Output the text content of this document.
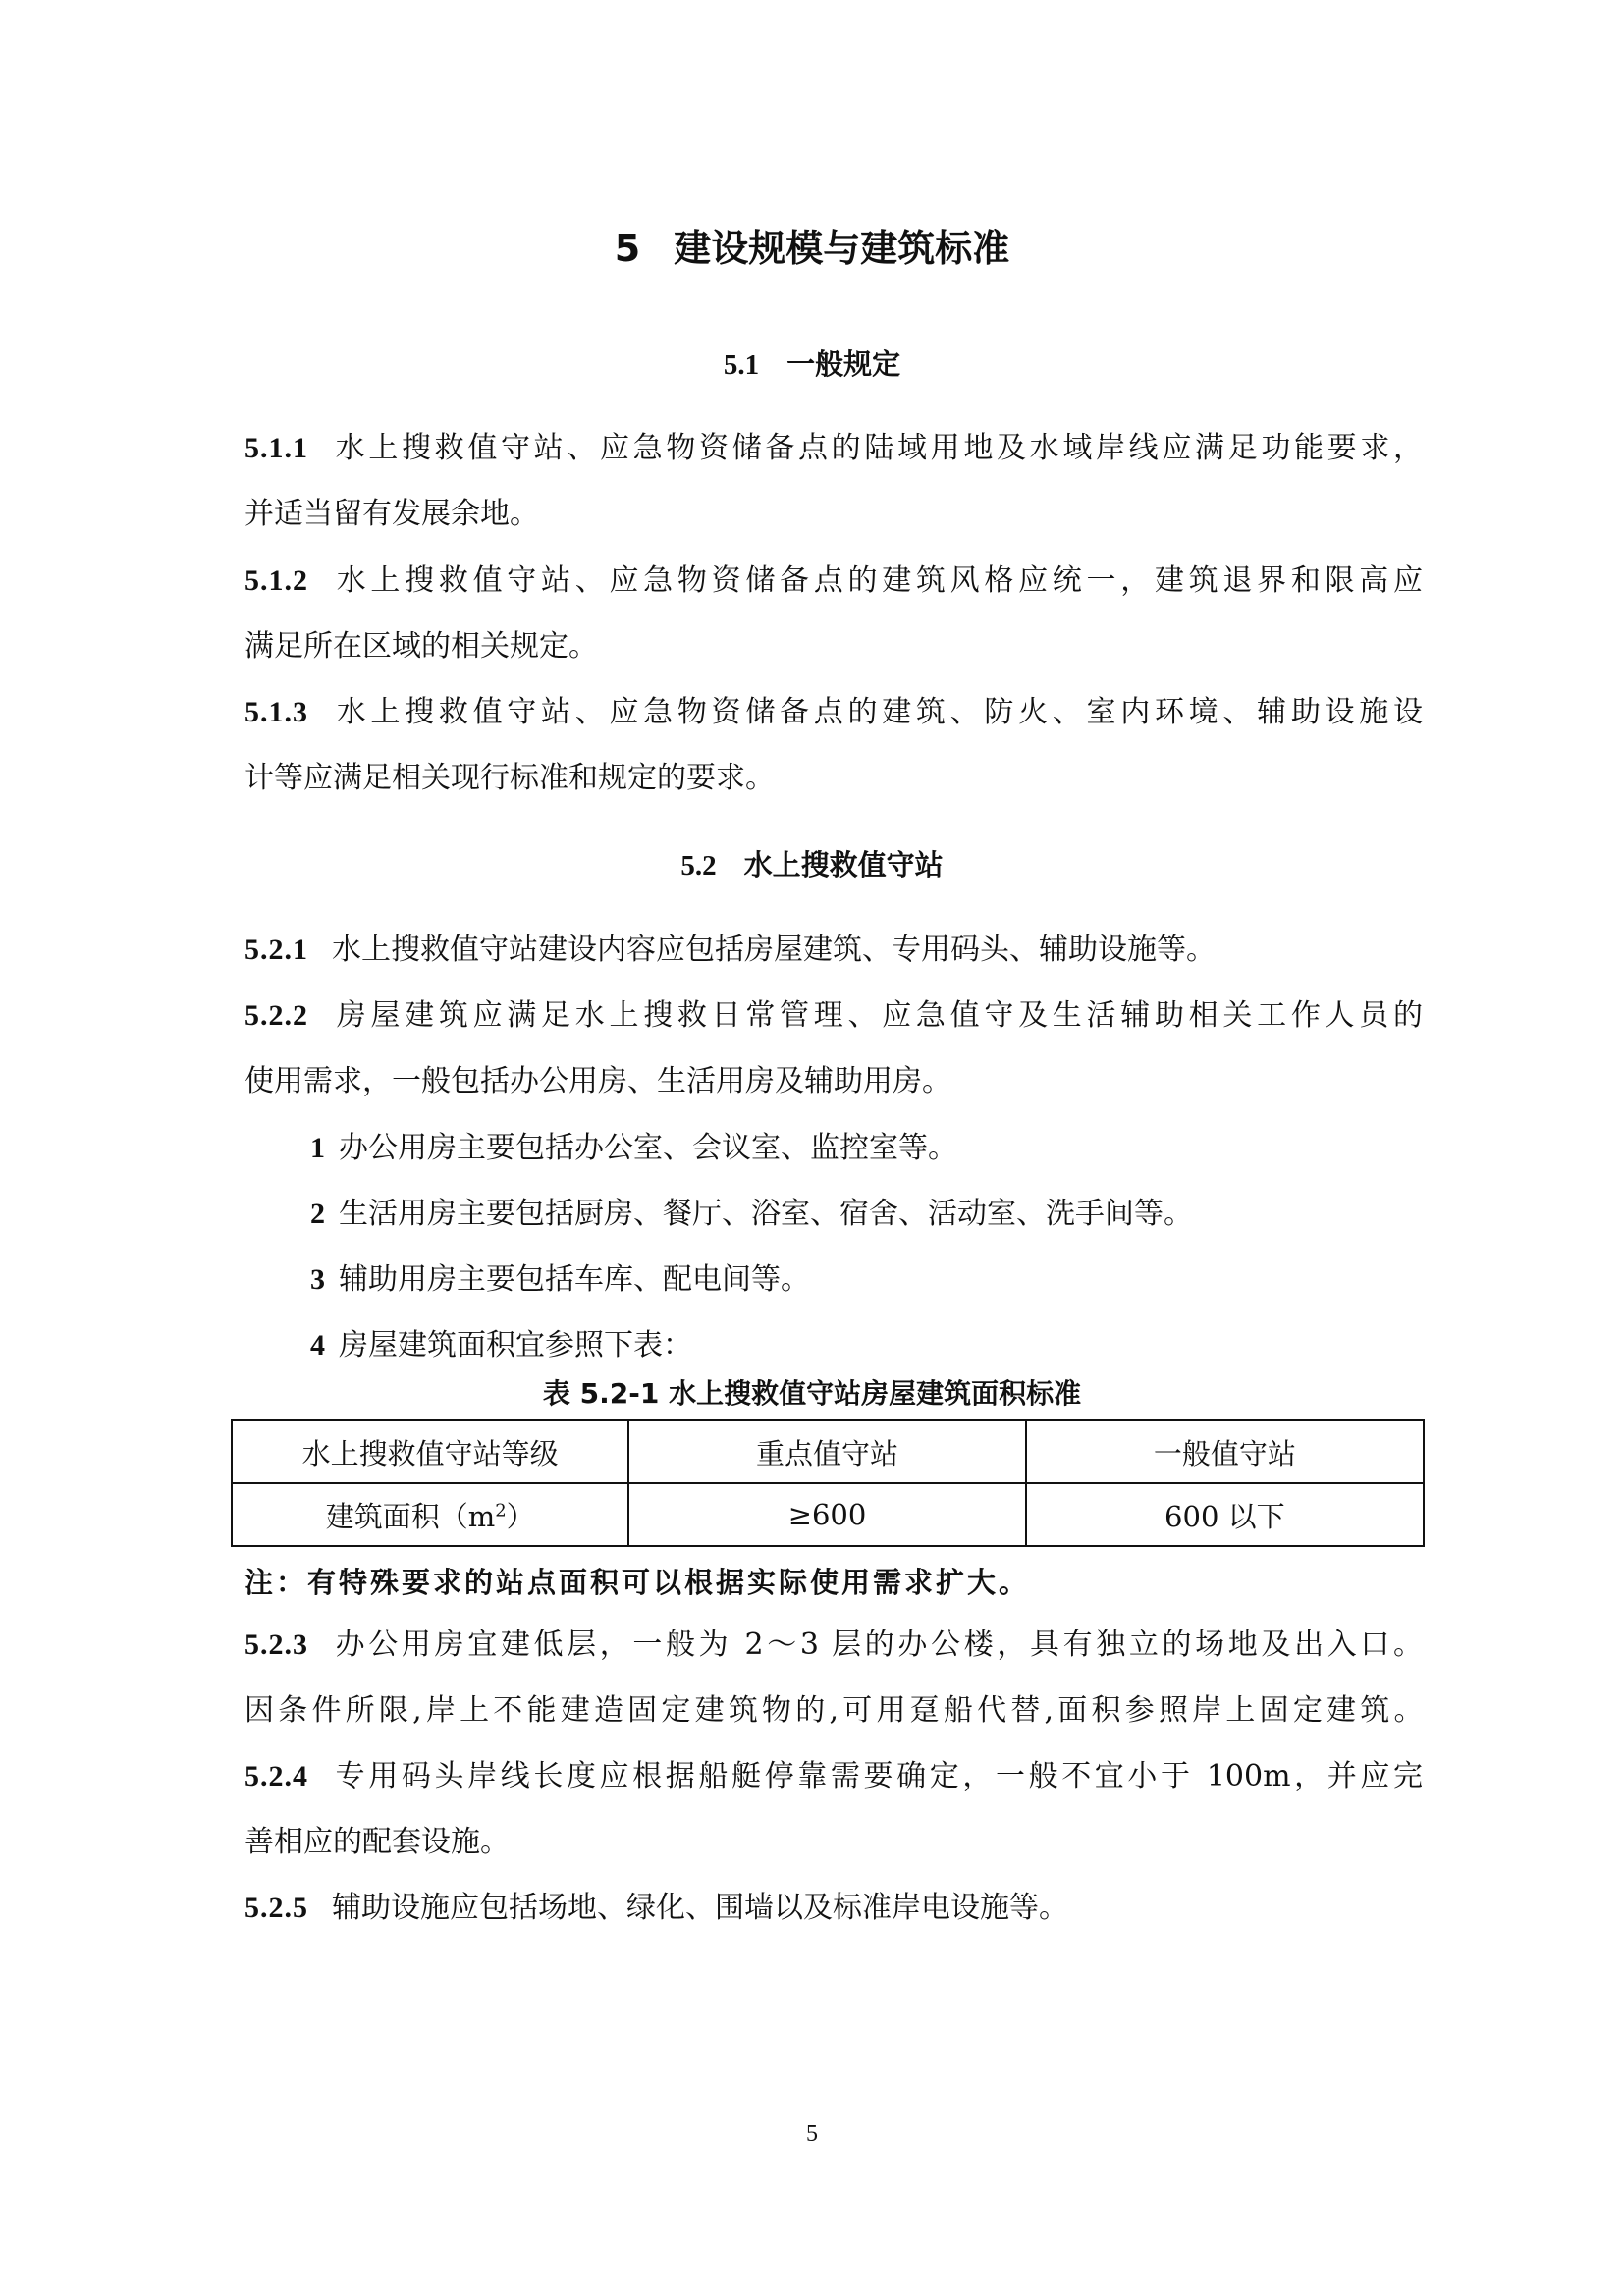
5 建设规模与建筑标准
5.1 一般规定
5.1.1 水上搜救值守站、应急物资储备点的陆域用地及水域岸线应满足功能要求，
并适当留有发展余地。
5.1.2 水上搜救值守站、应急物资储备点的建筑风格应统一，建筑退界和限高应
满足所在区域的相关规定。
5.1.3 水上搜救值守站、应急物资储备点的建筑、防火、室内环境、辅助设施设
计等应满足相关现行标准和规定的要求。
5.2 水上搜救值守站
5.2.1 水上搜救值守站建设内容应包括房屋建筑、专用码头、辅助设施等。
5.2.2 房屋建筑应满足水上搜救日常管理、应急值守及生活辅助相关工作人员的
使用需求，一般包括办公用房、生活用房及辅助用房。
1 办公用房主要包括办公室、会议室、监控室等。
2 生活用房主要包括厨房、餐厅、浴室、宿舍、活动室、洗手间等。
3 辅助用房主要包括车库、配电间等。
4 房屋建筑面积宜参照下表：
表 5.2-1 水上搜救值守站房屋建筑面积标准
水上搜救值守站等级	重点值守站	一般值守站
建筑面积$(m^2)$	≥600	600 以下
注：有特殊要求的站点面积可以根据实际使用需求扩大。
5.2.3 办公用房宜建低层，一般为 2～3 层的办公楼，具有独立的场地及出入口。
因条件所限,岸上不能建造固定建筑物的,可用趸船代替,面积参照岸上固定建筑。
5.2.4 专用码头岸线长度应根据船艇停靠需要确定，一般不宜小于 100m，并应完
善相应的配套设施。
5.2.5 辅助设施应包括场地、绿化、围墙以及标准岸电设施等。
5
